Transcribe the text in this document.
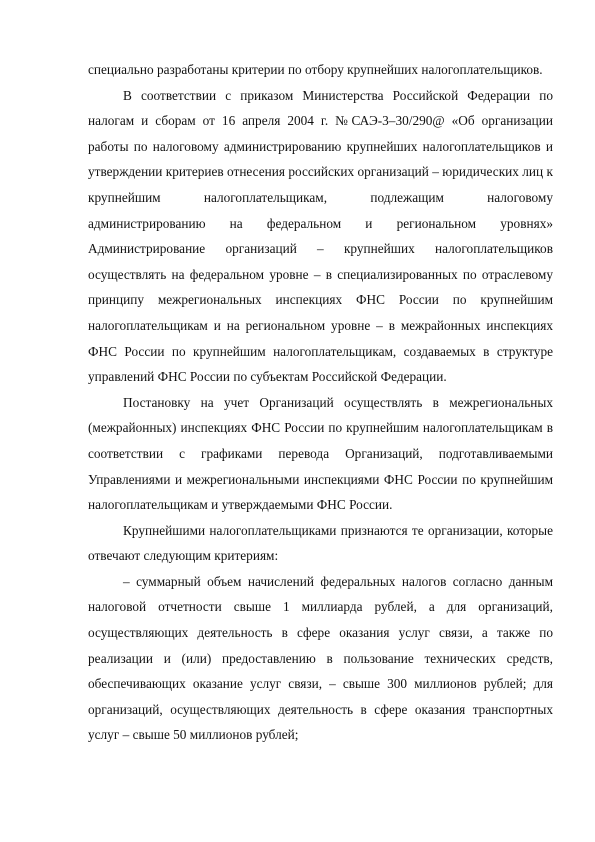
специально разработаны критерии по отбору крупнейших налогоплательщиков.

В соответствии с приказом Министерства Российской Федерации по налогам и сборам от 16 апреля 2004 г. №САЭ-3–30/290@ «Об организации работы по налоговому администрированию крупнейших налогоплательщиков и утверждении критериев отнесения российских организаций – юридических лиц к крупнейшим налогоплательщикам, подлежащим налоговому администрированию на федеральном и региональном уровнях» Администрирование организаций – крупнейших налогоплательщиков осуществлять на федеральном уровне – в специализированных по отраслевому принципу межрегиональных инспекциях ФНС России по крупнейшим налогоплательщикам и на региональном уровне – в межрайонных инспекциях ФНС России по крупнейшим налогоплательщикам, создаваемых в структуре управлений ФНС России по субъектам Российской Федерации.

Постановку на учет Организаций осуществлять в межрегиональных (межрайонных) инспекциях ФНС России по крупнейшим налогоплательщикам в соответствии с графиками перевода Организаций, подготавливаемыми Управлениями и межрегиональными инспекциями ФНС России по крупнейшим налогоплательщикам и утверждаемыми ФНС России.

Крупнейшими налогоплательщиками признаются те организации, которые отвечают следующим критериям:

– суммарный объем начислений федеральных налогов согласно данным налоговой отчетности свыше 1 миллиарда рублей, а для организаций, осуществляющих деятельность в сфере оказания услуг связи, а также по реализации и (или) предоставлению в пользование технических средств, обеспечивающих оказание услуг связи, – свыше 300 миллионов рублей; для организаций, осуществляющих деятельность в сфере оказания транспортных услуг – свыше 50 миллионов рублей;
